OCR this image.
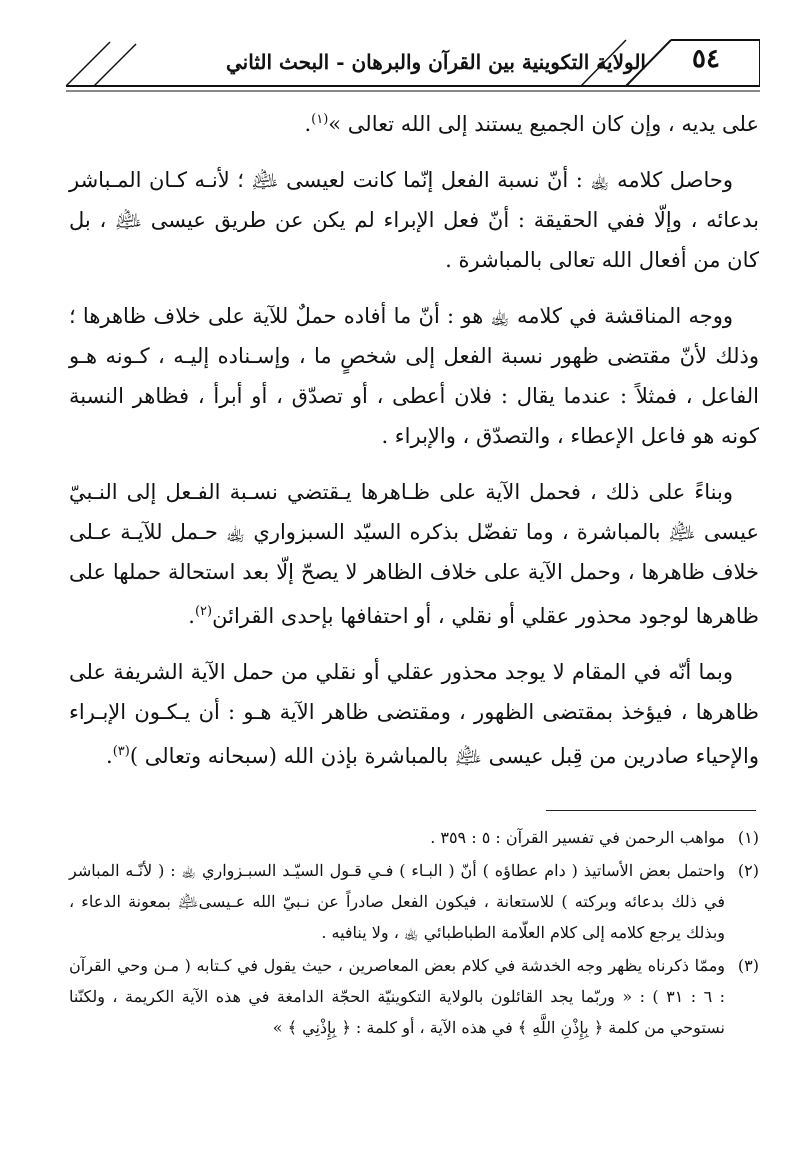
الولاية التكوينية بين القرآن والبرهان - البحث الثاني	٥٤

على يديه ، وإن كان الجميع يستند إلى الله تعالى »$^{(١)}$.

وحاصل كلامه ﵀ : أنّ نسبة الفعل إنّما كانت لعيسى ﵇ ؛ لأنـه كـان المـباشر بدعائه ، وإلّا ففي الحقيقة : أنّ فعل الإبراء لم يكن عن طريق عيسى ﵇ ، بل كان من أفعال الله تعالى بالمباشرة .

ووجه المناقشة في كلامه ﵀ هو : أنّ ما أفاده حملٌ للآية على خلاف ظاهرها ؛ وذلك لأنّ مقتضى ظهور نسبة الفعل إلى شخصٍ ما ، وإسـناده إليـه ، كـونه هـو الفاعل ، فمثلاً : عندما يقال : فلان أعطى ، أو تصدّق ، أو أبرأ ، فظاهر النسبة كونه هو فاعل الإعطاء ، والتصدّق ، والإبراء .

وبناءً على ذلك ، فحمل الآية على ظـاهرها يـقتضي نسـبة الفـعل إلى النـبيّ عيسى ﵇ بالمباشرة ، وما تفضّل بذكره السيّد السبزواري ﵀ حـمل للآيـة عـلى خلاف ظاهرها ، وحمل الآية على خلاف الظاهر لا يصحّ إلّا بعد استحالة حملها على ظاهرها لوجود محذور عقلي أو نقلي ، أو احتفافها بإحدى القرائن$^{(٢)}$.

وبما أنّه في المقام لا يوجد محذور عقلي أو نقلي من حمل الآية الشريفة على ظاهرها ، فيؤخذ بمقتضى الظهور ، ومقتضى ظاهر الآية هـو : أن يـكـون الإبـراء والإحياء صادرين من قِبل عيسى ﵇ بالمباشرة بإذن الله (سبحانه وتعالى )$^{(٣)}$.

(١)
مواهب الرحمن في تفسير القرآن : ٥ : ٣٥٩ .
(٢)
واحتمل بعض الأساتيذ ( دام عطاؤه ) أنّ ( البـاء ) فـي قـول السيّـد السبـزواري ﵀ : ( لأنّـه المباشر في ذلك بدعائه وبركته ) للاستعانة ، فيكون الفعل صادراً عن نـبيّ الله عـيسى﵇ بمعونة الدعاء ، وبذلك يرجع كلامه إلى كلام العلّامة الطباطبائي ﵀ ، ولا ينافيه .
(٣)
وممّا ذكرناه يظهر وجه الخدشة في كلام بعض المعاصرين ، حيث يقول في كـتابه ( مـن وحي القرآن : ٦ : ٣١ ) : « وربّما يجد القائلون بالولاية التكوينيّة الحجّة الدامغة في هذه الآية الكريمة ، ولكنّنا نستوحي من كلمة ﴿ بِإِذْنِ اللَّهِ ﴾ في هذه الآية ، أو كلمة : ﴿ بِإِذْنِي ﴾ »
